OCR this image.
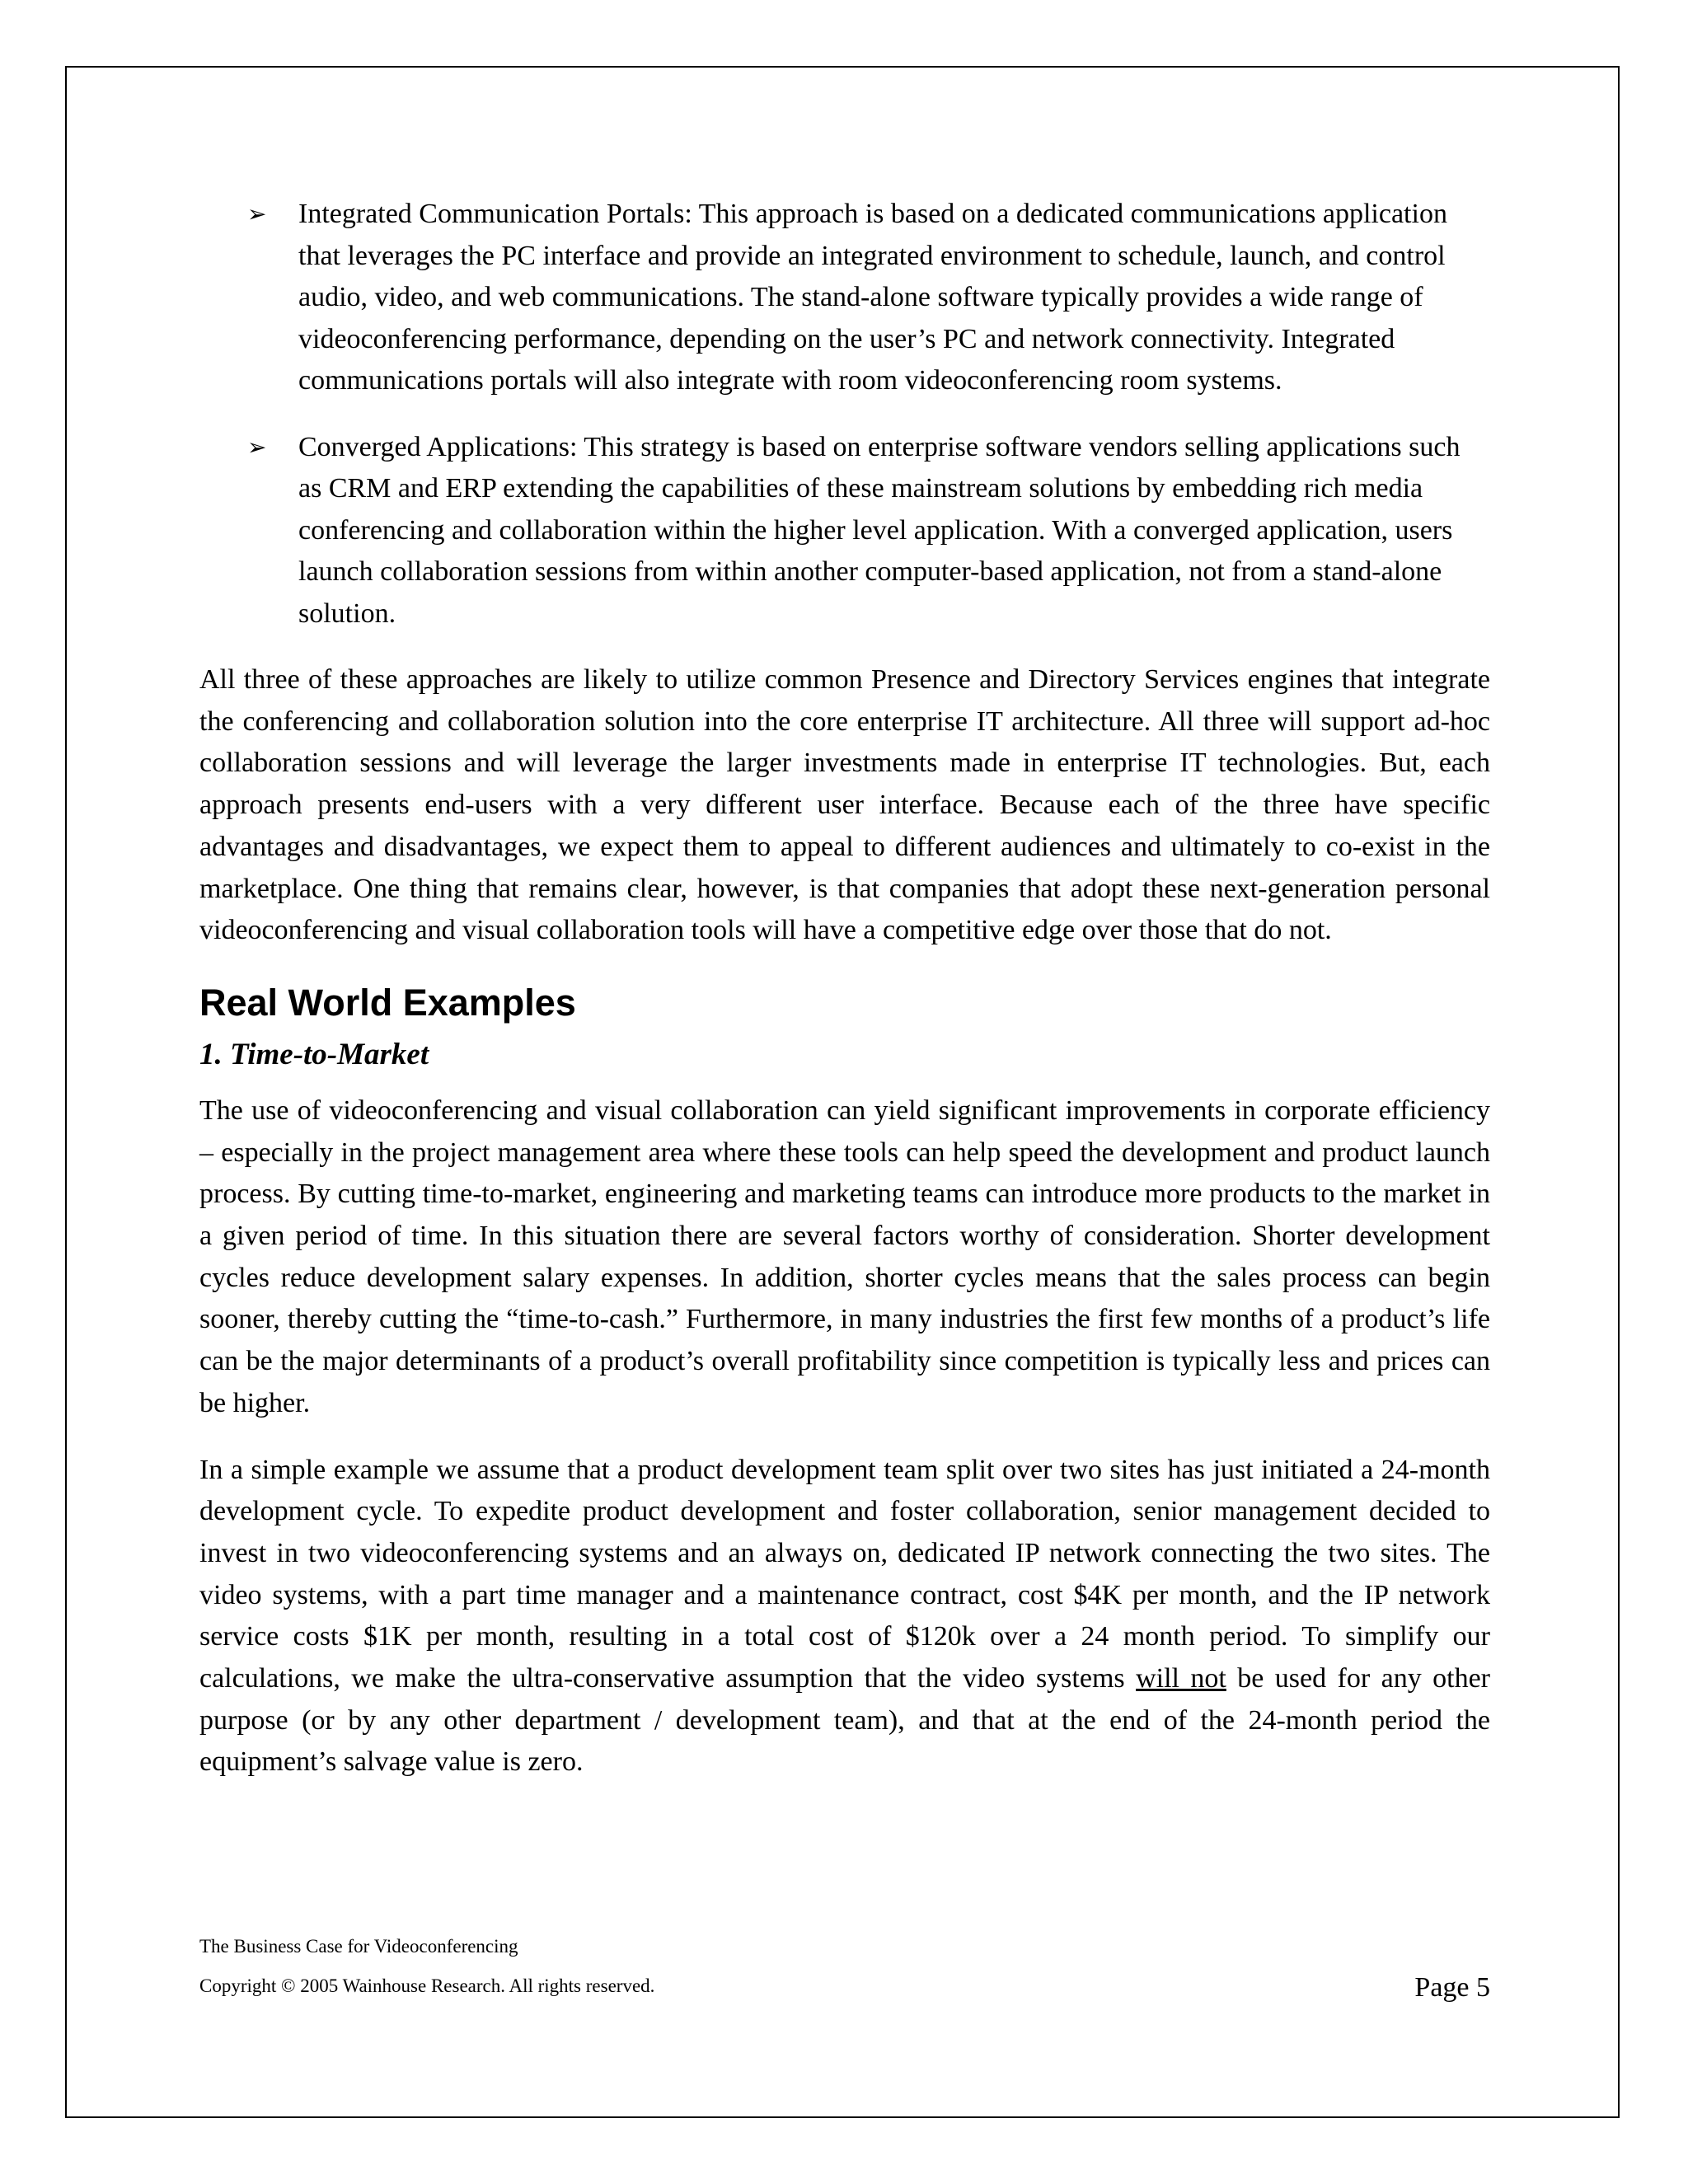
➢ Integrated Communication Portals: This approach is based on a dedicated communications application that leverages the PC interface and provide an integrated environment to schedule, launch, and control audio, video, and web communications. The stand-alone software typically provides a wide range of videoconferencing performance, depending on the user’s PC and network connectivity. Integrated communications portals will also integrate with room videoconferencing room systems.

➢ Converged Applications: This strategy is based on enterprise software vendors selling applications such as CRM and ERP extending the capabilities of these mainstream solutions by embedding rich media conferencing and collaboration within the higher level application. With a converged application, users launch collaboration sessions from within another computer-based application, not from a stand-alone solution.

All three of these approaches are likely to utilize common Presence and Directory Services engines that integrate the conferencing and collaboration solution into the core enterprise IT architecture. All three will support ad-hoc collaboration sessions and will leverage the larger investments made in enterprise IT technologies. But, each approach presents end-users with a very different user interface. Because each of the three have specific advantages and disadvantages, we expect them to appeal to different audiences and ultimately to co-exist in the marketplace. One thing that remains clear, however, is that companies that adopt these next-generation personal videoconferencing and visual collaboration tools will have a competitive edge over those that do not.

Real World Examples
1. Time-to-Market

The use of videoconferencing and visual collaboration can yield significant improvements in corporate efficiency – especially in the project management area where these tools can help speed the development and product launch process. By cutting time-to-market, engineering and marketing teams can introduce more products to the market in a given period of time. In this situation there are several factors worthy of consideration. Shorter development cycles reduce development salary expenses. In addition, shorter cycles means that the sales process can begin sooner, thereby cutting the “time-to-cash.” Furthermore, in many industries the first few months of a product’s life can be the major determinants of a product’s overall profitability since competition is typically less and prices can be higher.

In a simple example we assume that a product development team split over two sites has just initiated a 24-month development cycle. To expedite product development and foster collaboration, senior management decided to invest in two videoconferencing systems and an always on, dedicated IP network connecting the two sites. The video systems, with a part time manager and a maintenance contract, cost $4K per month, and the IP network service costs $1K per month, resulting in a total cost of $120k over a 24 month period. To simplify our calculations, we make the ultra-conservative assumption that the video systems will not be used for any other purpose (or by any other department / development team), and that at the end of the 24-month period the equipment’s salvage value is zero.

The Business Case for Videoconferencing
Copyright © 2005 Wainhouse Research. All rights reserved.	Page 5
